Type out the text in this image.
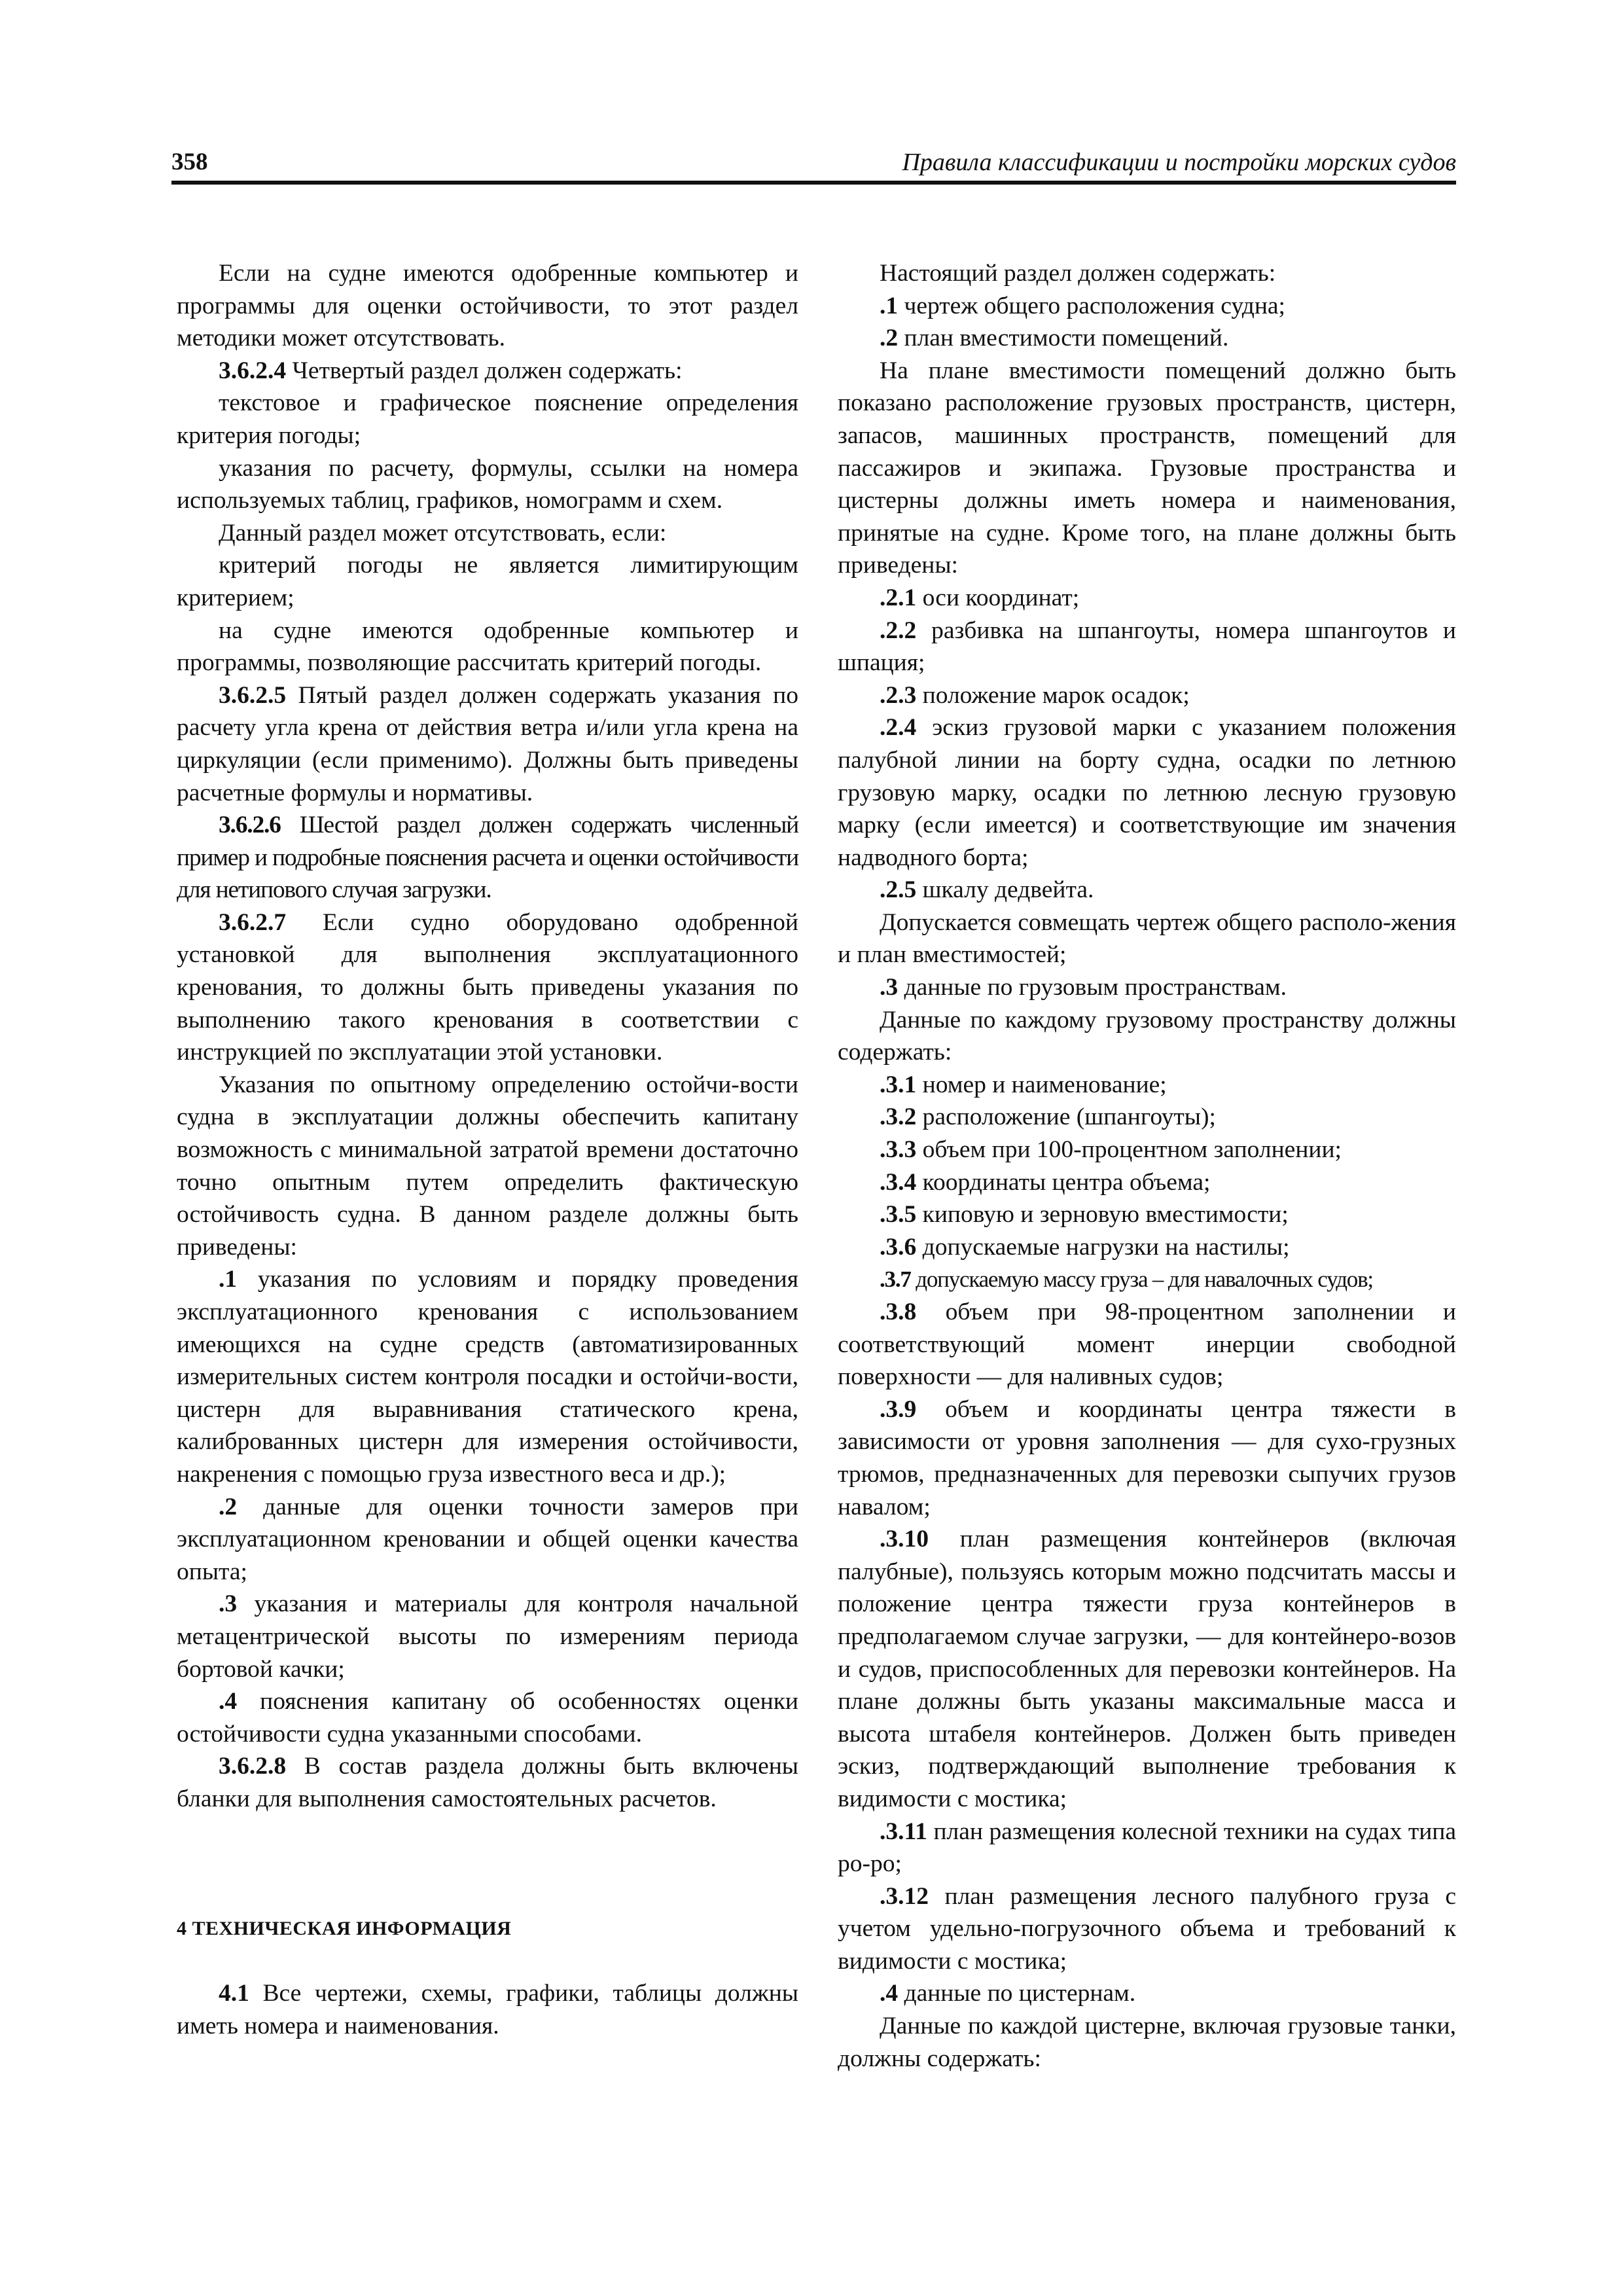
358	Правила классификации и постройки морских судов

Если на судне имеются одобренные компьютер и программы для оценки остойчивости, то этот раздел методики может отсутствовать.

3.6.2.4 Четвертый раздел должен содержать:

текстовое и графическое пояснение определения критерия погоды;

указания по расчету, формулы, ссылки на номера используемых таблиц, графиков, номограмм и схем.

Данный раздел может отсутствовать, если:

критерий погоды не является лимитирующим критерием;

на судне имеются одобренные компьютер и программы, позволяющие рассчитать критерий погоды.

3.6.2.5 Пятый раздел должен содержать указания по расчету угла крена от действия ветра и/или угла крена на циркуляции (если применимо). Должны быть приведены расчетные формулы и нормативы.

3.6.2.6 Шестой раздел должен содержать численный пример и подробные пояснения расчета и оценки остойчивости для нетипового случая загрузки.

3.6.2.7 Если судно оборудовано одобренной установкой для выполнения эксплуатационного кренования, то должны быть приведены указания по выполнению такого кренования в соответствии с инструкцией по эксплуатации этой установки.

Указания по опытному определению остойчи-вости судна в эксплуатации должны обеспечить капитану возможность с минимальной затратой времени достаточно точно опытным путем определить фактическую остойчивость судна. В данном разделе должны быть приведены:

.1 указания по условиям и порядку проведения эксплуатационного кренования с использованием имеющихся на судне средств (автоматизированных измерительных систем контроля посадки и остойчи-вости, цистерн для выравнивания статического крена, калиброванных цистерн для измерения остойчивости, накренения с помощью груза известного веса и др.);

.2 данные для оценки точности замеров при эксплуатационном креновании и общей оценки качества опыта;

.3 указания и материалы для контроля начальной метацентрической высоты по измерениям периода бортовой качки;

.4 пояснения капитану об особенностях оценки остойчивости судна указанными способами.

3.6.2.8 В состав раздела должны быть включены бланки для выполнения самостоятельных расчетов.

4 ТЕХНИЧЕСКАЯ ИНФОРМАЦИЯ

4.1 Все чертежи, схемы, графики, таблицы должны иметь номера и наименования.

Настоящий раздел должен содержать:

.1 чертеж общего расположения судна;

.2 план вместимости помещений.

На плане вместимости помещений должно быть показано расположение грузовых пространств, цистерн, запасов, машинных пространств, помещений для пассажиров и экипажа. Грузовые пространства и цистерны должны иметь номера и наименования, принятые на судне. Кроме того, на плане должны быть приведены:

.2.1 оси координат;

.2.2 разбивка на шпангоуты, номера шпангоутов и шпация;

.2.3 положение марок осадок;

.2.4 эскиз грузовой марки с указанием положения палубной линии на борту судна, осадки по летнюю грузовую марку, осадки по летнюю лесную грузовую марку (если имеется) и соответствующие им значения надводного борта;

.2.5 шкалу дедвейта.

Допускается совмещать чертеж общего располо-жения и план вместимостей;

.3 данные по грузовым пространствам.

Данные по каждому грузовому пространству должны содержать:

.3.1 номер и наименование;

.3.2 расположение (шпангоуты);

.3.3 объем при 100-процентном заполнении;

.3.4 координаты центра объема;

.3.5 киповую и зерновую вместимости;

.3.6 допускаемые нагрузки на настилы;

.3.7 допускаемую массу груза – для навалочных судов;

.3.8 объем при 98-процентном заполнении и соответствующий момент инерции свободной поверхности — для наливных судов;

.3.9 объем и координаты центра тяжести в зависимости от уровня заполнения — для сухо-грузных трюмов, предназначенных для перевозки сыпучих грузов навалом;

.3.10 план размещения контейнеров (включая палубные), пользуясь которым можно подсчитать массы и положение центра тяжести груза контейнеров в предполагаемом случае загрузки, — для контейнеро-возов и судов, приспособленных для перевозки контейнеров. На плане должны быть указаны максимальные масса и высота штабеля контейнеров. Должен быть приведен эскиз, подтверждающий выполнение требования к видимости с мостика;

.3.11 план размещения колесной техники на судах типа ро-ро;

.3.12 план размещения лесного палубного груза с учетом удельно-погрузочного объема и требований к видимости с мостика;

.4 данные по цистернам.

Данные по каждой цистерне, включая грузовые танки, должны содержать:
